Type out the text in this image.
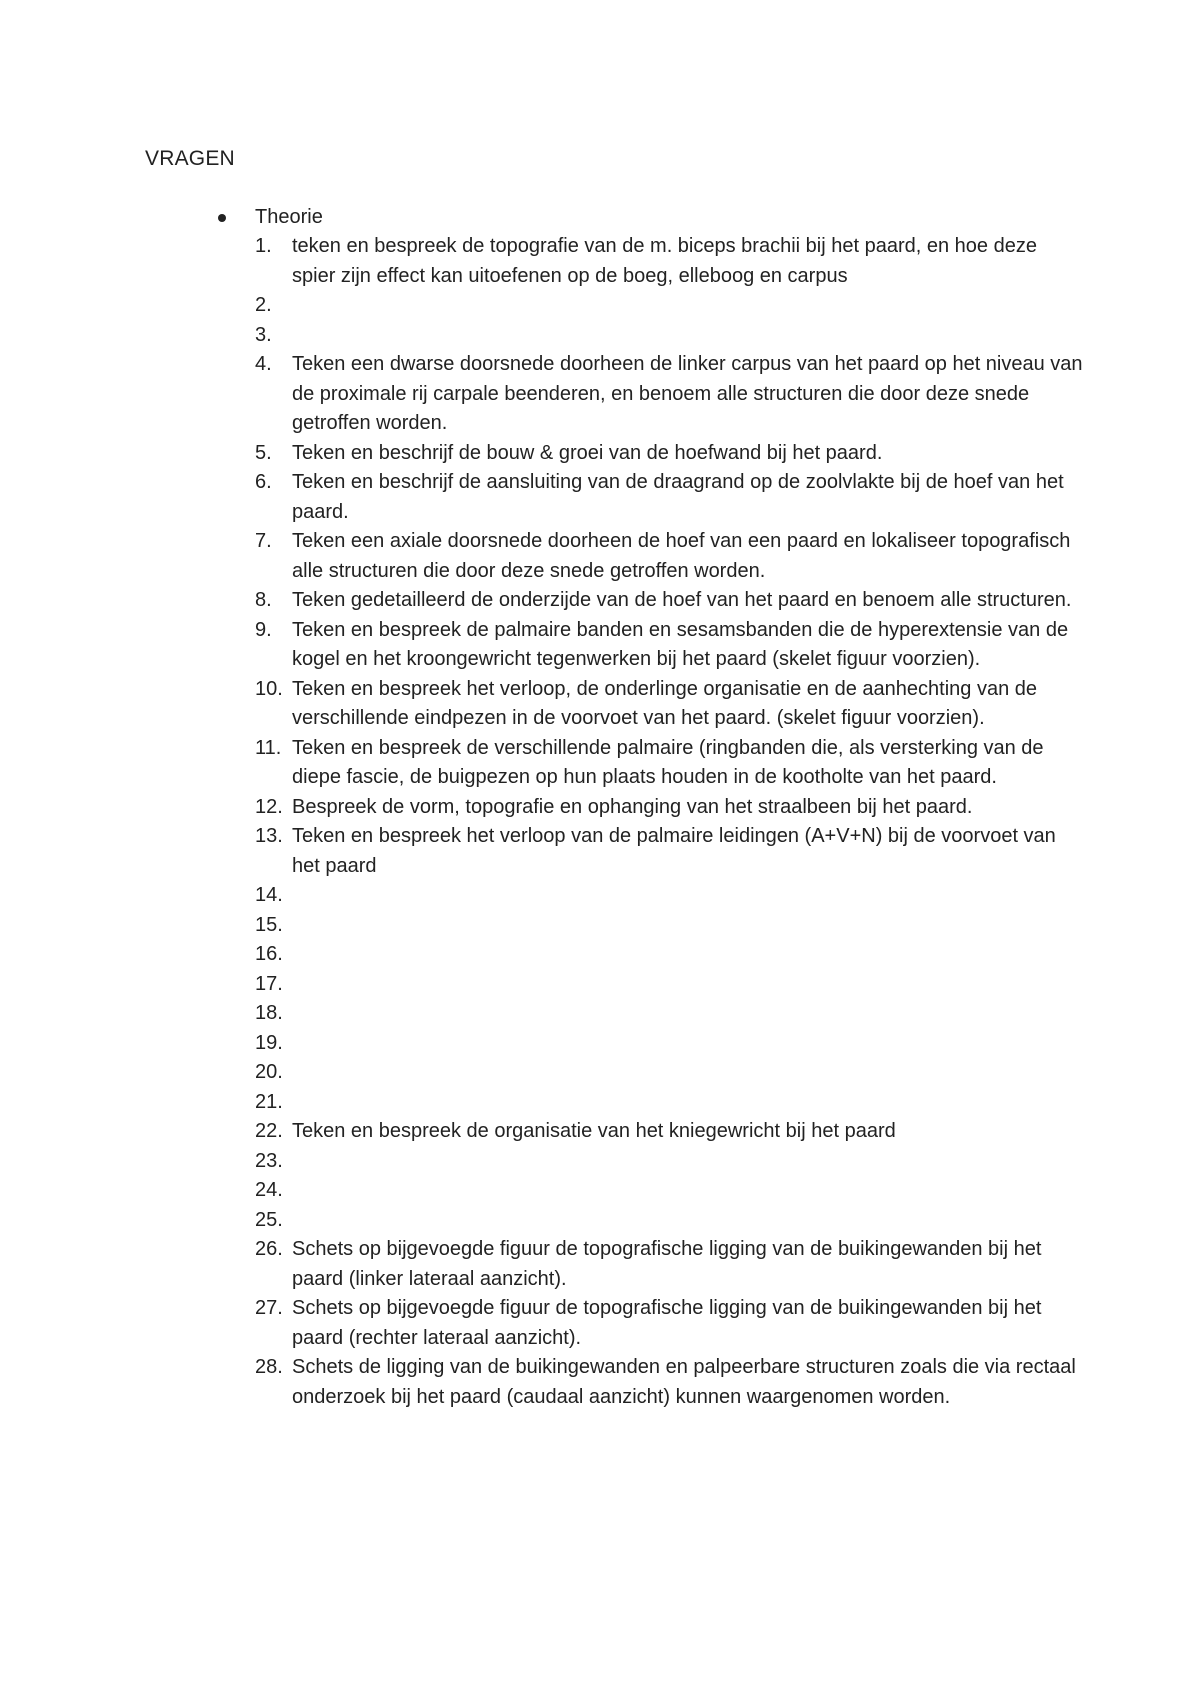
VRAGEN
Theorie
1. teken en bespreek de topografie van de m. biceps brachii bij het paard, en hoe deze spier zijn effect kan uitoefenen op de boeg, elleboog en carpus
2.
3.
4. Teken een dwarse doorsnede doorheen de linker carpus van het paard op het niveau van de proximale rij carpale beenderen, en benoem alle structuren die door deze snede getroffen worden.
5. Teken en beschrijf de bouw & groei van de hoefwand bij het paard.
6. Teken en beschrijf de aansluiting van de draagrand op de zoolvlakte bij de hoef van het paard.
7. Teken een axiale doorsnede doorheen de hoef van een paard en lokaliseer topografisch alle structuren die door deze snede getroffen worden.
8. Teken gedetailleerd de onderzijde van de hoef van het paard en benoem alle structuren.
9. Teken en bespreek de palmaire banden en sesamsbanden die de hyperextensie van de kogel en het kroongewricht tegenwerken bij het paard (skelet figuur voorzien).
10. Teken en bespreek het verloop, de onderlinge organisatie en de aanhechting van de verschillende eindpezen in de voorvoet van het paard. (skelet figuur voorzien).
11. Teken en bespreek de verschillende palmaire (ringbanden die, als versterking van de diepe fascie, de buigpezen op hun plaats houden in de kootholte van het paard.
12. Bespreek de vorm, topografie en ophanging van het straalbeen bij het paard.
13. Teken en bespreek het verloop van de palmaire leidingen (A+V+N) bij de voorvoet van het paard
14.
15.
16.
17.
18.
19.
20.
21.
22. Teken en bespreek de organisatie van het kniegewricht bij het paard
23.
24.
25.
26. Schets op bijgevoegde figuur de topografische ligging van de buikingewanden bij het paard (linker lateraal aanzicht).
27. Schets op bijgevoegde figuur de topografische ligging van de buikingewanden bij het paard (rechter lateraal aanzicht).
28. Schets de ligging van de buikingewanden en palpeerbare structuren zoals die via rectaal onderzoek bij het paard (caudaal aanzicht) kunnen waargenomen worden.
